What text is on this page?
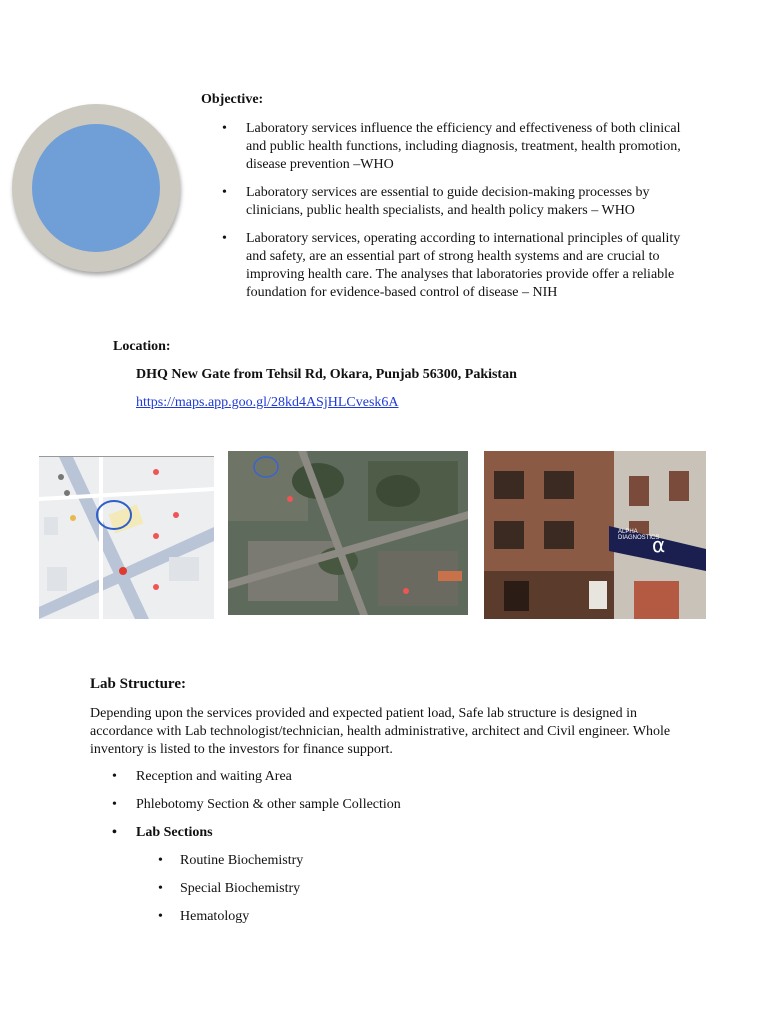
Objective:
• Laboratory services influence the efficiency and effectiveness of both clinical and public health functions, including diagnosis, treatment, health promotion, disease prevention –WHO
• Laboratory services are essential to guide decision-making processes by clinicians, public health specialists, and health policy makers – WHO
• Laboratory services, operating according to international principles of quality and safety, are an essential part of strong health systems and are crucial to improving health care. The analyses that laboratories provide offer a reliable foundation for evidence-based control of disease – NIH
Location:
DHQ New Gate from Tehsil Rd, Okara, Punjab 56300, Pakistan
https://maps.app.goo.gl/28kd4ASjHLCvesk6A
ALPHA DIAGNOSTICS
α
Lab Structure:
Depending upon the services provided and expected patient load, Safe lab structure is designed in accordance with Lab technologist/technician, health administrative, architect and Civil engineer. Whole inventory is listed to the investors for finance support.
• Reception and waiting Area
• Phlebotomy Section & other sample Collection
• Lab Sections
• Routine Biochemistry
• Special Biochemistry
• Hematology
